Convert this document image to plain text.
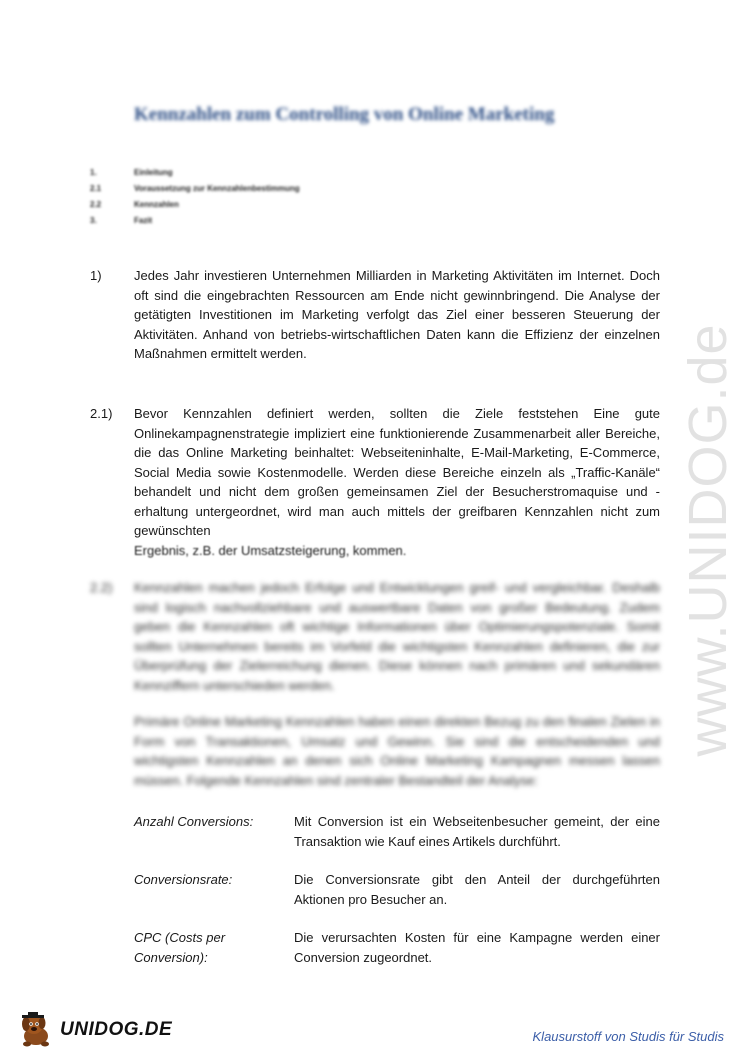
www.UNIDOG.de
Kennzahlen zum Controlling von Online Marketing
1.	Einleitung
2.1	Voraussetzung zur Kennzahlenbestimmung
2.2	Kennzahlen
3.	Fazit
1)	Jedes Jahr investieren Unternehmen Milliarden in Marketing Aktivitäten im Internet. Doch oft sind die eingebrachten Ressourcen am Ende nicht gewinnbringend. Die Analyse der getätigten Investitionen im Marketing verfolgt das Ziel einer besseren Steuerung der Aktivitäten. Anhand von betriebs-wirtschaftlichen Daten kann die Effizienz der einzelnen Maßnahmen ermittelt werden.

2.1)	Bevor Kennzahlen definiert werden, sollten die Ziele feststehen Eine gute Onlinekampagnenstrategie impliziert eine funktionierende Zusammenarbeit aller Bereiche, die das Online Marketing beinhaltet: Webseiteninhalte, E-Mail-Marketing, E-Commerce, Social Media sowie Kostenmodelle. Werden diese Bereiche einzeln als „Traffic-Kanäle“ behandelt und nicht dem großen gemeinsamen Ziel der Besucherstromaquise und -erhaltung untergeordnet, wird man auch mittels der greifbaren Kennzahlen nicht zum gewünschten

Ergebnis, z.B. der Umsatzsteigerung, kommen.

2.2)	Kennzahlen machen jedoch Erfolge und Entwicklungen greif- und vergleichbar. Deshalb sind logisch nachvollziehbare und auswertbare Daten von großer Bedeutung. Zudem geben die Kennzahlen oft wichtige Informationen über Optimierungspotenziale. Somit sollten Unternehmen bereits im Vorfeld die wichtigsten Kennzahlen definieren, die zur Überprüfung der Zielerreichung dienen. Diese können nach primären und sekundären Kennziffern unterschieden werden.

Primäre Online Marketing Kennzahlen haben einen direkten Bezug zu den finalen Zielen in Form von Transaktionen, Umsatz und Gewinn. Sie sind die entscheidenden und wichtigsten Kennzahlen an denen sich Online Marketing Kampagnen messen lassen müssen. Folgende Kennzahlen sind zentraler Bestandteil der Analyse:

Anzahl Conversions:	Mit Conversion ist ein Webseitenbesucher gemeint, der eine Transaktion wie Kauf eines Artikels durchführt.
Conversionsrate:	Die Conversionsrate gibt den Anteil der durchgeführten Aktionen pro Besucher an.
CPC (Costs per Conversion):
Die verursachten Kosten für eine Kampagne werden einer Conversion zugeordnet.
UNIDOG.DE	Klausurstoff von Studis für Studis
